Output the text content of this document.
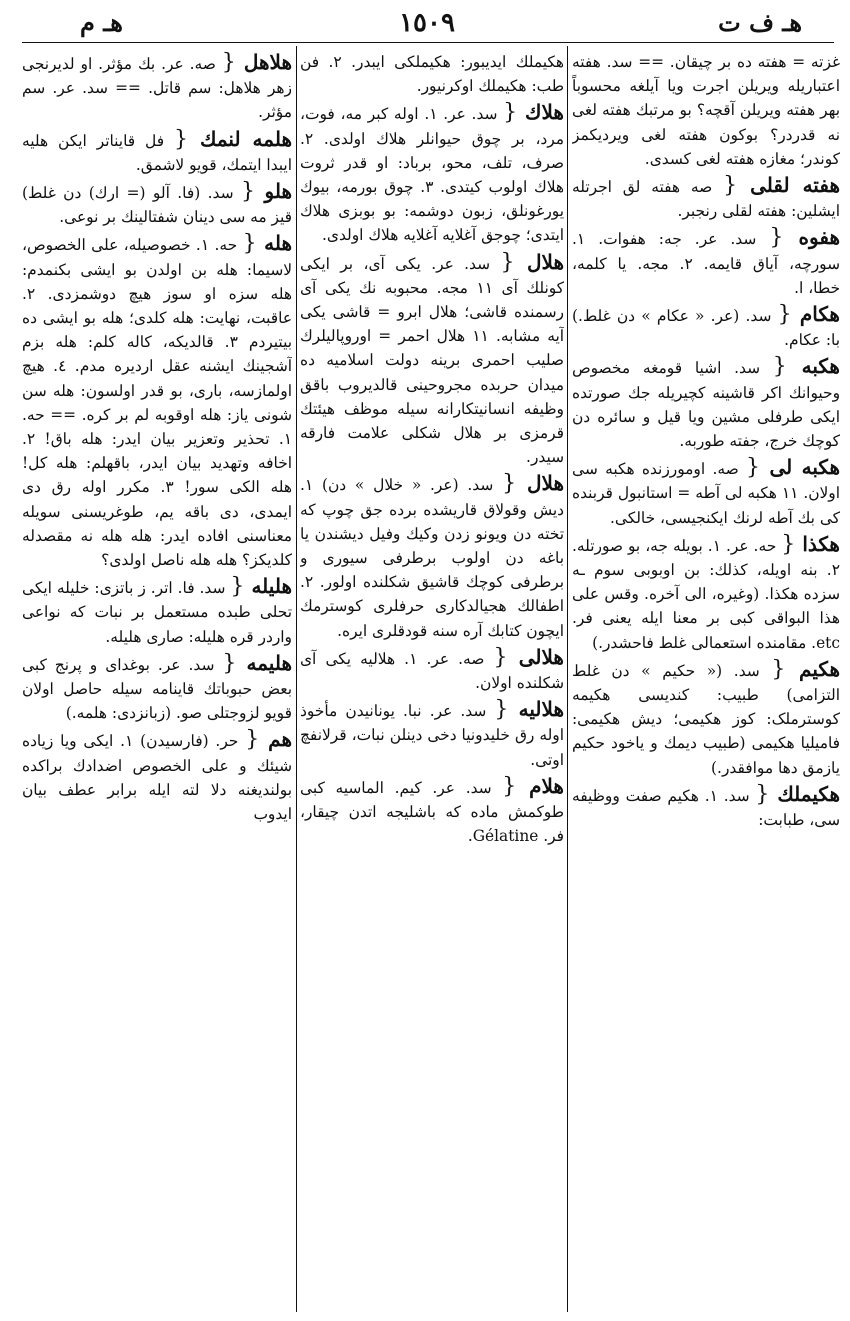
هـ ف ت
١٥٠٩
هـ م

غزته = هفته ده بر چیقان. == سد. هفته اعتباریله ویریلن اجرت ویا آیلغه محسوباً بهر هفته ویریلن آقچه؟ بو مرتبك هفته لغی نه قدردر؟ بوکون هفته لغی ویردیکمز کوندر؛ مغازه هفته لغی کسدی.

هفته لقلی { صه هفته لق اجرتله ایشلین: هفته لقلی رنجبر.

هفوه { سد. عر. جه: هفوات. ١. سورچه، آیاق قایمه. ٢. مجه. یا کلمه، خطا، ا.

هکام { سد. (عر. « عکام » دن غلط.) با: عکام.

هکبه { سد. اشیا قومغه مخصوص وحیوانك اکر قاشینه کچیریله جك صورتده ایکی طرفلی مشین ویا قیل و سائره دن کوچك خرج، جفته طوربه.

هکبه لی { صه. اومورزنده هکبه سی اولان. ١١ هکبه لی آطه = استانبول قربنده کی بك آطه لرنك ایکنجیسی، خالکی.

هکذا { حه. عر. ١. بویله جه، بو صورتله. ٢. بنه اویله، کذلك: بن اوبوبی سوم ـه سزده هکذا. (وغیره، الی آخره. وقس علی هذا البواقی کبی بر معنا ایله یعنی فر. etc. مقامنده استعمالی غلط فاحشدر.)

هکیم { سد. (« حکیم » دن غلط التزامی) طبیب: کندیسی هکیمه کوسترملک: کوز هکیمی؛ دیش هکیمی: فامیلیا هکیمی (طبیب دیمك و یاخود حکیم یازمق دها موافقدر.)

هکیملك { سد. ١. هکیم صفت ووظیفه سی، طبابت:

هکیملك ایدیبور: هکیملکی ایبدر. ٢. فن طب: هکیملك اوکرنیور.

هلاك { سد. عر. ١. اوله کبر مه، فوت، مرد، بر چوق حیوانلر هلاك اولدی. ٢. صرف، تلف، محو، برباد: او قدر ثروت هلاك اولوب کیتدی. ٣. چوق بورمه، بیوك یورغونلق، زبون دوشمه: بو بوبزی هلاك ایتدی؛ چوجق آغلایه آغلایه هلاك اولدی.

هلال { سد. عر. یکی آی، بر ایکی کونلك آی ١١ مجه. محبوبه نك یکی آی رسمنده قاشی؛ هلال ابرو = قاشی یکی آیه مشابه. ١١ هلال احمر = اوروپالیلرك صلیب احمری برینه دولت اسلامیه ده میدان حربده مجروحینی قالدیروب باقق وظیفه انسانیتکارانه سیله موظف هیئتك قرمزی بر هلال شکلی علامت فارقه سیدر.

هلال { سد. (عر. « خلال » دن) ١. دیش وقولاق قاریشده برده جق چوپ که تخته دن ویونو زدن وکیك وفیل دیشندن یا باغه دن اولوب برطرفی سیوری و برطرفی کوچك قاشیق شکلنده اولور. ٢. اطفالك هجیالدکاری حرفلری کوسترمك ایچون کتابك آره سنه قودقلری ایره.

هلالی { صه. عر. ١. هلالیه یکی آی شکلنده اولان.

هلالیه { سد. عر. نبا. یونانیدن مأخوذ اوله رق خلیدونیا دخی دینلن نبات، قرلانفچ اوتی.

هلام { سد. عر. کیم. الماسیه کبی طوکمش ماده که باشلیجه اتدن چیقار، فر. Gélatine.

هلاهل { صه. عر. بك مؤثر. او لدیرنجی زهر هلاهل: سم قاتل. == سد. عر. سم مؤثر.

هلمه لنمك { فل قایناتر ایکن هلیه ایبدا ایتمك، قویو لاشمق.

هلو { سد. (فا. آلو (= ارك) دن غلط) قیز مه سی دینان شفتالینك بر نوعی.

هله { حه. ١. خصوصیله، علی الخصوص، لاسیما: هله بن اولدن بو ایشی بکنمدم: هله سزه او سوز هیچ دوشمزدی. ٢. عاقبت، نهایت: هله کلدی؛ هله بو ایشی ده بیتیردم ٣. قالدیکه، کاله کلم: هله بزم آشجینك ایشنه عقل اردیره مدم. ٤. هیچ اولمازسه، باری، بو قدر اولسون: هله سن شونی یاز: هله اوقوبه لم بر کره. == حه. ١. تحذیر وتعزیر بیان ایدر: هله باق! ٢. اخافه وتهدید بیان ایدر، باقهلم: هله کل! هله الکی سور! ٣. مکرر اوله رق دی ایمدی، دی باقه یم، طوغریسنی سویله معناسنی افاده ایدر: هله هله نه مقصدله کلدیکز؟ هله هله ناصل اولدی؟

هلیله { سد. فا. اتر. ز باتزی: خلیله ایکی تحلی طبده مستعمل بر نبات که نواعی واردر قره هلیله: صاری هلیله.

هلیمه { سد. عر. بوغدای و پرنج کبی بعض حبوباتك قاینامه سیله حاصل اولان قویو لزوجتلی صو. (زبانزدی: هلمه.)

هم { حر. (فارسیدن) ١. ایکی ویا زیاده شیئك و علی الخصوص اضدادك براکده بولندیغنه دلا لته ایله برابر عطف بیان ایدوب
